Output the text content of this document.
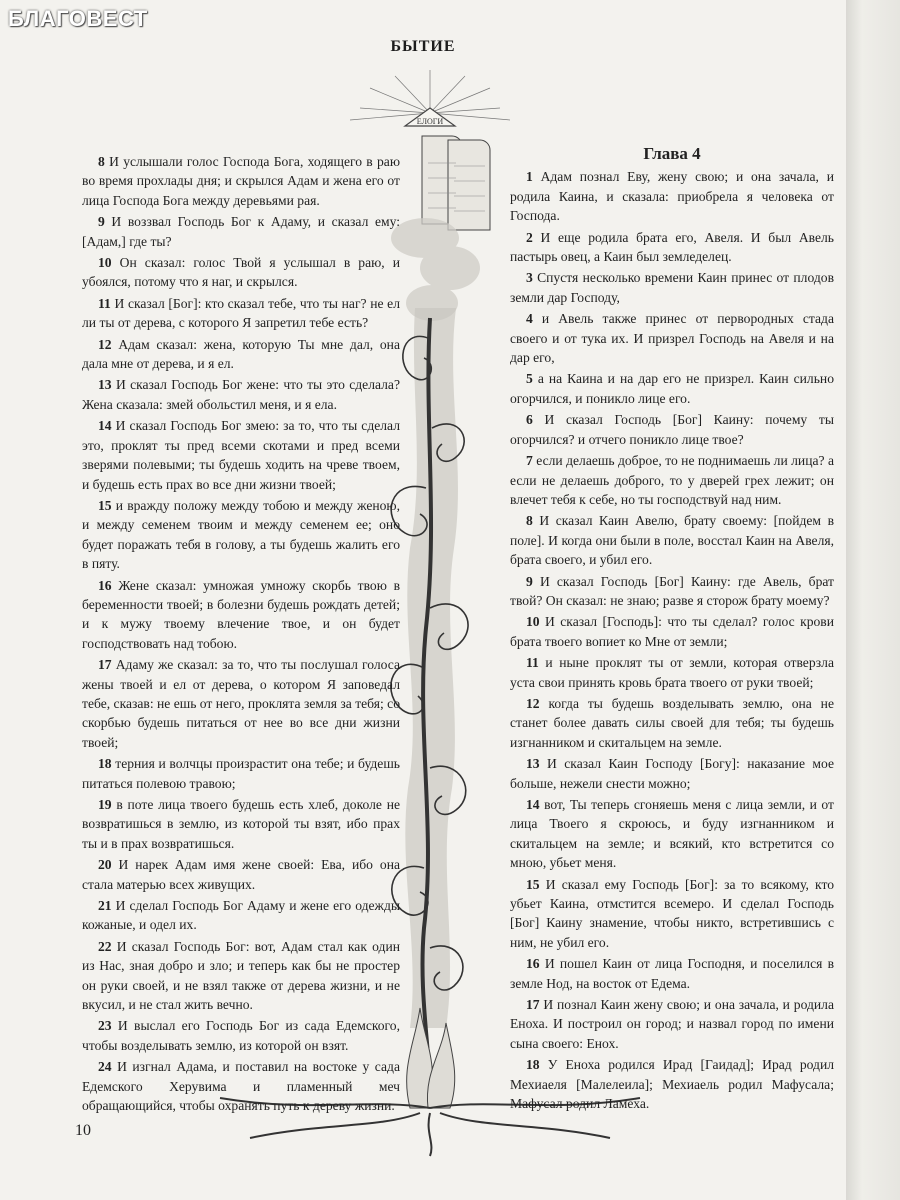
БЛАГОВЕСТ
БЫТИЕ
ЕЛОГИ

8 И услышали голос Господа Бога, ходящего в раю во время прохлады дня; и скрылся Адам и жена его от лица Господа Бога между деревьями рая.

9 И воззвал Господь Бог к Адаму, и сказал ему: [Адам,] где ты?

10 Он сказал: голос Твой я услышал в раю, и убоялся, потому что я наг, и скрылся.

11 И сказал [Бог]: кто сказал тебе, что ты наг? не ел ли ты от дерева, с которого Я запретил тебе есть?

12 Адам сказал: жена, которую Ты мне дал, она дала мне от дерева, и я ел.

13 И сказал Господь Бог жене: что ты это сделала? Жена сказала: змей обольстил меня, и я ела.

14 И сказал Господь Бог змею: за то, что ты сделал это, проклят ты пред всеми скотами и пред всеми зверями полевыми; ты будешь ходить на чреве твоем, и будешь есть прах во все дни жизни твоей;

15 и вражду положу между тобою и между женою, и между семенем твоим и между семенем ее; оно будет поражать тебя в голову, а ты будешь жалить его в пяту.

16 Жене сказал: умножая умножу скорбь твою в беременности твоей; в болезни будешь рождать детей; и к мужу твоему влечение твое, и он будет господствовать над тобою.

17 Адаму же сказал: за то, что ты послушал голоса жены твоей и ел от дерева, о котором Я заповедал тебе, сказав: не ешь от него, проклята земля за тебя; со скорбью будешь питаться от нее во все дни жизни твоей;

18 терния и волчцы произрастит она тебе; и будешь питаться полевою травою;

19 в поте лица твоего будешь есть хлеб, доколе не возвратишься в землю, из которой ты взят, ибо прах ты и в прах возвратишься.

20 И нарек Адам имя жене своей: Ева, ибо она стала матерью всех живущих.

21 И сделал Господь Бог Адаму и жене его одежды кожаные, и одел их.

22 И сказал Господь Бог: вот, Адам стал как один из Нас, зная добро и зло; и теперь как бы не простер он руки своей, и не взял также от дерева жизни, и не вкусил, и не стал жить вечно.

23 И выслал его Господь Бог из сада Едемского, чтобы возделывать землю, из которой он взят.

24 И изгнал Адама, и поставил на востоке у сада Едемского Херувима и пламенный меч обращающийся, чтобы охранять путь к дереву жизни.

Глава 4

1 Адам познал Еву, жену свою; и она зачала, и родила Каина, и сказала: приобрела я человека от Господа.

2 И еще родила брата его, Авеля. И был Авель пастырь овец, а Каин был земледелец.

3 Спустя несколько времени Каин принес от плодов земли дар Господу,

4 и Авель также принес от первородных стада своего и от тука их. И призрел Господь на Авеля и на дар его,

5 а на Каина и на дар его не призрел. Каин сильно огорчился, и поникло лице его.

6 И сказал Господь [Бог] Каину: почему ты огорчился? и отчего поникло лице твое?

7 если делаешь доброе, то не поднимаешь ли лица? а если не делаешь доброго, то у дверей грех лежит; он влечет тебя к себе, но ты господствуй над ним.

8 И сказал Каин Авелю, брату своему: [пойдем в поле]. И когда они были в поле, восстал Каин на Авеля, брата своего, и убил его.

9 И сказал Господь [Бог] Каину: где Авель, брат твой? Он сказал: не знаю; разве я сторож брату моему?

10 И сказал [Господь]: что ты сделал? голос крови брата твоего вопиет ко Мне от земли;

11 и ныне проклят ты от земли, которая отверзла уста свои принять кровь брата твоего от руки твоей;

12 когда ты будешь возделывать землю, она не станет более давать силы своей для тебя; ты будешь изгнанником и скитальцем на земле.

13 И сказал Каин Господу [Богу]: наказание мое больше, нежели снести можно;

14 вот, Ты теперь сгоняешь меня с лица земли, и от лица Твоего я скроюсь, и буду изгнанником и скитальцем на земле; и всякий, кто встретится со мною, убьет меня.

15 И сказал ему Господь [Бог]: за то всякому, кто убьет Каина, отмстится всемеро. И сделал Господь [Бог] Каину знамение, чтобы никто, встретившись с ним, не убил его.

16 И пошел Каин от лица Господня, и поселился в земле Нод, на восток от Едема.

17 И познал Каин жену свою; и она зачала, и родила Еноха. И построил он город; и назвал город по имени сына своего: Енох.

18 У Еноха родился Ирад [Гаидад]; Ирад родил Мехиаеля [Малелеила]; Мехиаель родил Мафусала; Мафусал родил Ламеха.

10
